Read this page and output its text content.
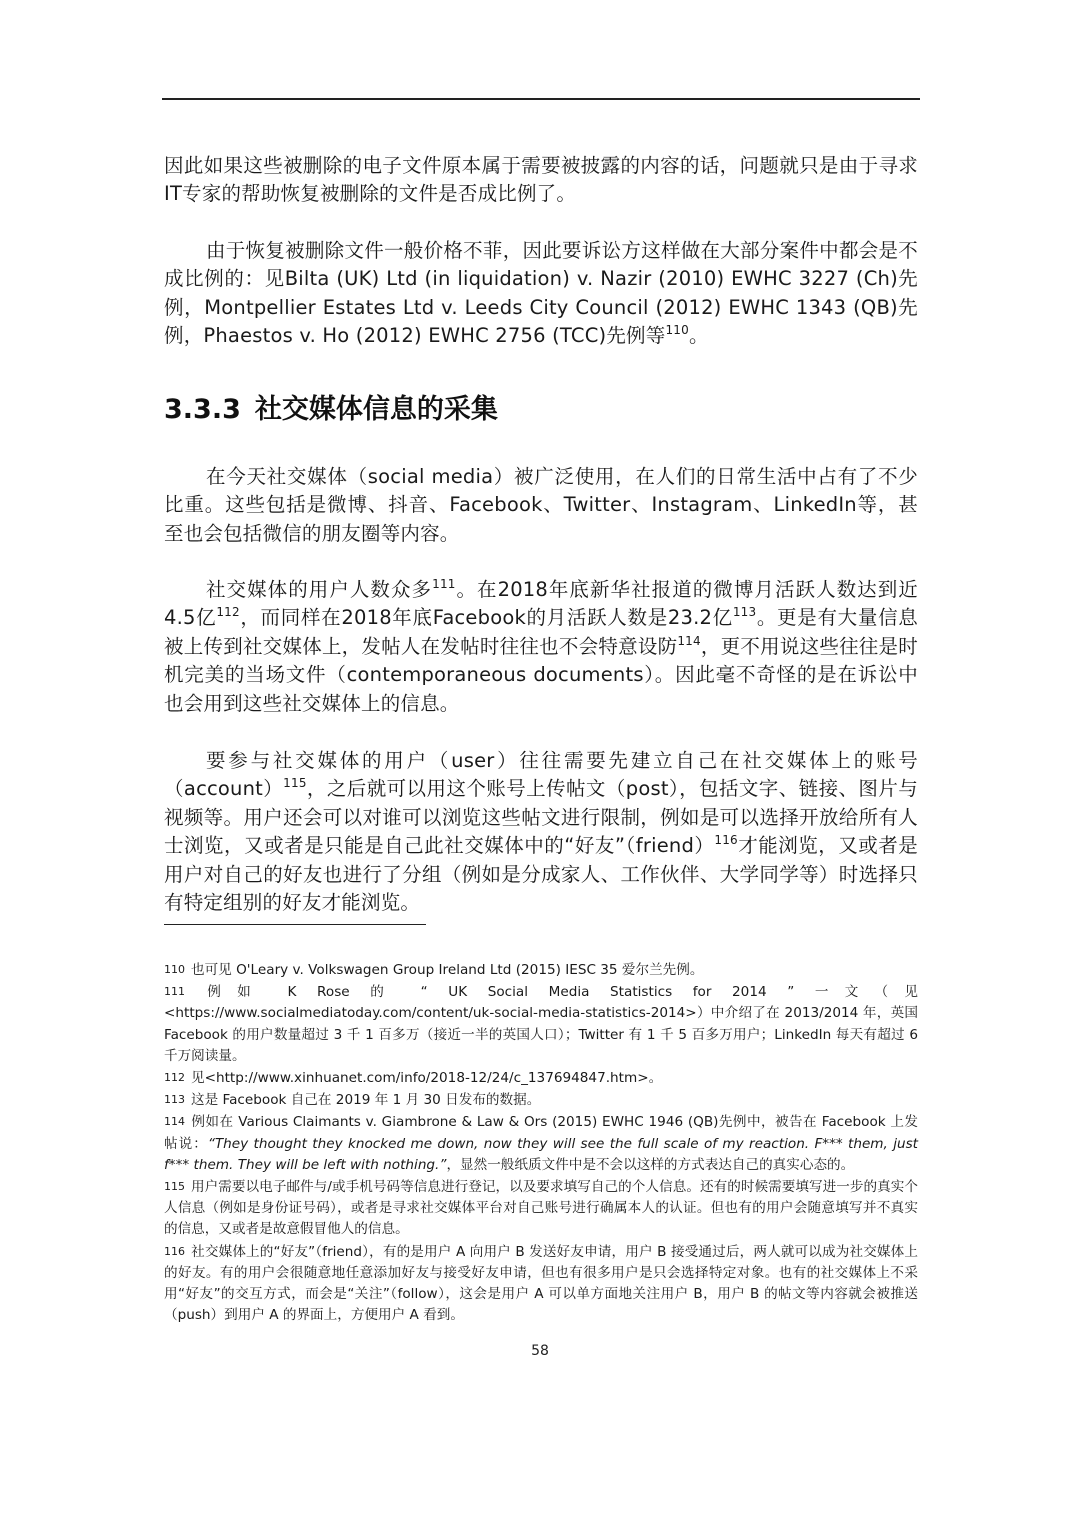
因此如果这些被删除的电子文件原本属于需要被披露的内容的话，问题就只是由于寻求IT专家的帮助恢复被删除的文件是否成比例了。

由于恢复被删除文件一般价格不菲，因此要诉讼方这样做在大部分案件中都会是不成比例的：见Bilta (UK) Ltd (in liquidation) v. Nazir (2010) EWHC 3227 (Ch)先例，Montpellier Estates Ltd v. Leeds City Council (2012) EWHC 1343 (QB)先例，Phaestos v. Ho (2012) EWHC 2756 (TCC)先例等$^{110}$。

3.3.3 社交媒体信息的采集

在今天社交媒体（social media）被广泛使用，在人们的日常生活中占有了不少比重。这些包括是微博、抖音、Facebook、Twitter、Instagram、LinkedIn等，甚至也会包括微信的朋友圈等内容。

社交媒体的用户人数众多$^{111}$。在2018年底新华社报道的微博月活跃人数达到近4.5亿$^{112}$，而同样在2018年底Facebook的月活跃人数是23.2亿$^{113}$。更是有大量信息被上传到社交媒体上，发帖人在发帖时往往也不会特意设防$^{114}$，更不用说这些往往是时机完美的当场文件（contemporaneous documents）。因此毫不奇怪的是在诉讼中也会用到这些社交媒体上的信息。

要参与社交媒体的用户（user）往往需要先建立自己在社交媒体上的账号（account）$^{115}$，之后就可以用这个账号上传帖文（post），包括文字、链接、图片与视频等。用户还会可以对谁可以浏览这些帖文进行限制，例如是可以选择开放给所有人士浏览，又或者是只能是自己此社交媒体中的“好友”（friend）$^{116}$才能浏览，又或者是用户对自己的好友也进行了分组（例如是分成家人、工作伙伴、大学同学等）时选择只有特定组别的好友才能浏览。

110 也可见 O'Leary v. Volkswagen Group Ireland Ltd (2015) IESC 35 爱尔兰先例。

111 例如 K Rose 的 “ UK Social Media Statistics for 2014 ” 一文（见 <https://www.socialmediatoday.com/content/uk-social-media-statistics-2014>）中介绍了在 2013/2014 年，英国 Facebook 的用户数量超过 3 千 1 百多万（接近一半的英国人口）；Twitter 有 1 千 5 百多万用户；LinkedIn 每天有超过 6 千万阅读量。

112 见<http://www.xinhuanet.com/info/2018-12/24/c_137694847.htm>。

113 这是 Facebook 自己在 2019 年 1 月 30 日发布的数据。

114 例如在 Various Claimants v. Giambrone & Law & Ors (2015) EWHC 1946 (QB)先例中，被告在 Facebook 上发帖说：“They thought they knocked me down, now they will see the full scale of my reaction. F*** them, just f*** them. They will be left with nothing.”，显然一般纸质文件中是不会以这样的方式表达自己的真实心态的。

115 用户需要以电子邮件与/或手机号码等信息进行登记，以及要求填写自己的个人信息。还有的时候需要填写进一步的真实个人信息（例如是身份证号码），或者是寻求社交媒体平台对自己账号进行确属本人的认证。但也有的用户会随意填写并不真实的信息，又或者是故意假冒他人的信息。

116 社交媒体上的“好友”（friend），有的是用户 A 向用户 B 发送好友申请，用户 B 接受通过后，两人就可以成为社交媒体上的好友。有的用户会很随意地任意添加好友与接受好友申请，但也有很多用户是只会选择特定对象。也有的社交媒体上不采用“好友”的交互方式，而会是“关注”（follow），这会是用户 A 可以单方面地关注用户 B，用户 B 的帖文等内容就会被推送（push）到用户 A 的界面上，方便用户 A 看到。

58
